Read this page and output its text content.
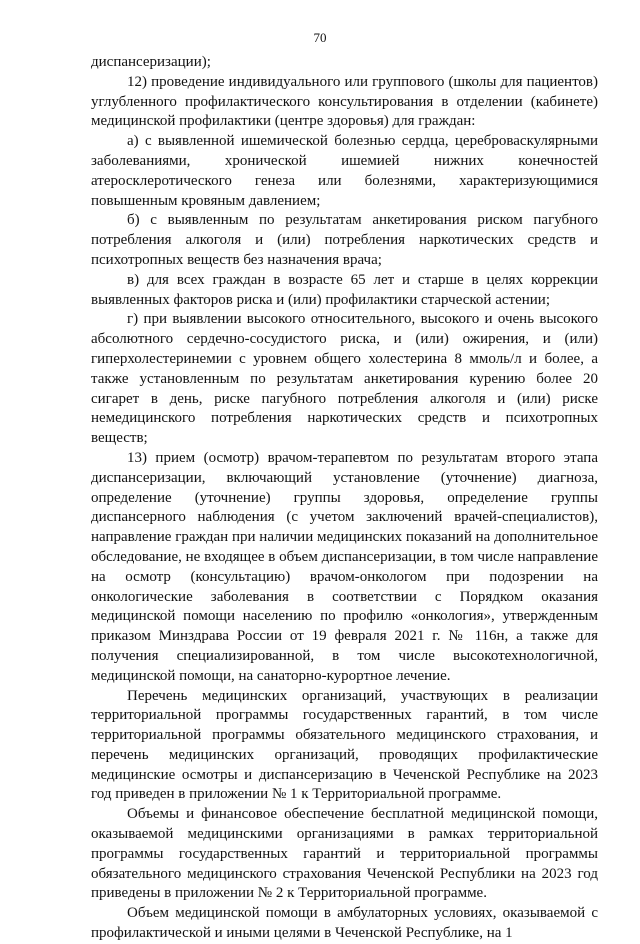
70

диспансеризации);

12) проведение индивидуального или группового (школы для пациентов) углубленного профилактического консультирования в отделении (кабинете) медицинской профилактики (центре здоровья) для граждан:

а) с выявленной ишемической болезнью сердца, цереброваскулярными заболеваниями, хронической ишемией нижних конечностей атеросклеротического генеза или болезнями, характеризующимися повышенным кровяным давлением;

б) с выявленным по результатам анкетирования риском пагубного потребления алкоголя и (или) потребления наркотических средств и психотропных веществ без назначения врача;

в) для всех граждан в возрасте 65 лет и старше в целях коррекции выявленных факторов риска и (или) профилактики старческой астении;

г) при выявлении высокого относительного, высокого и очень высокого абсолютного сердечно-сосудистого риска, и (или) ожирения, и (или) гиперхолестеринемии с уровнем общего холестерина 8 ммоль/л и более, а также установленным по результатам анкетирования курению более 20 сигарет в день, риске пагубного потребления алкоголя и (или) риске немедицинского потребления наркотических средств и психотропных веществ;

13) прием (осмотр) врачом-терапевтом по результатам второго этапа диспансеризации, включающий установление (уточнение) диагноза, определение (уточнение) группы здоровья, определение группы диспансерного наблюдения (с учетом заключений врачей-специалистов), направление граждан при наличии медицинских показаний на дополнительное обследование, не входящее в объем диспансеризации, в том числе направление на осмотр (консультацию) врачом-онкологом при подозрении на онкологические заболевания в соответствии с Порядком оказания медицинской помощи населению по профилю «онкология», утвержденным приказом Минздрава России от 19 февраля 2021 г. № 116н, а также для получения специализированной, в том числе высокотехнологичной, медицинской помощи, на санаторно-курортное лечение.

Перечень медицинских организаций, участвующих в реализации территориальной программы государственных гарантий, в том числе территориальной программы обязательного медицинского страхования, и перечень медицинских организаций, проводящих профилактические медицинские осмотры и диспансеризацию в Чеченской Республике на 2023 год приведен в приложении № 1 к Территориальной программе.

Объемы и финансовое обеспечение бесплатной медицинской помощи, оказываемой медицинскими организациями в рамках территориальной программы государственных гарантий и территориальной программы обязательного медицинского страхования Чеченской Республики на 2023 год приведены в приложении № 2 к Территориальной программе.

Объем медицинской помощи в амбулаторных условиях, оказываемой с профилактической и иными целями в Чеченской Республике, на 1
